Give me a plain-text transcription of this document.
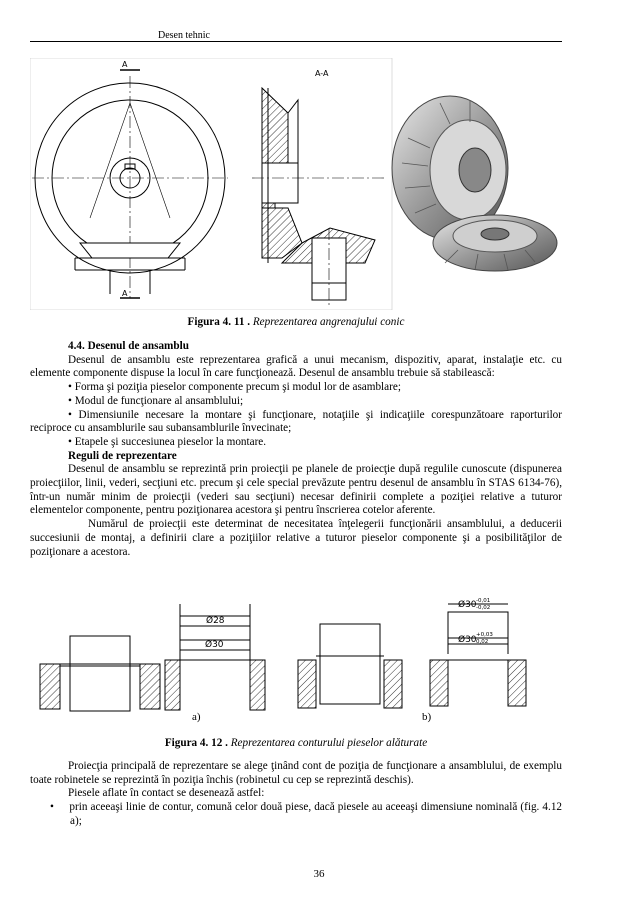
Desen tehnic
A
A
A-A
Figura 4. 11 . Reprezentarea angrenajului conic

4.4. Desenul de ansamblu

Desenul de ansamblu este reprezentarea grafică a unui mecanism, dispozitiv, aparat, instalaţie etc. cu elemente componente dispuse la locul în care funcţionează. Desenul de ansamblu trebuie să stabilească:

• Forma şi poziţia pieselor componente precum şi modul lor de asamblare;

• Modul de funcţionare al ansamblului;

• Dimensiunile necesare la montare şi funcţionare, notaţiile şi indicaţiile corespunzătoare raporturilor reciproce cu ansamblurile sau subansamblurile învecinate;

• Etapele şi succesiunea pieselor la montare.

Reguli de reprezentare

Desenul de ansamblu se reprezintă prin proiecţii pe planele de proiecţie după regulile cunoscute (dispunerea proiecţiilor, linii, vederi, secţiuni etc. precum şi cele special prevăzute pentru desenul de ansamblu în STAS 6134-76), într-un număr minim de proiecţii (vederi sau secţiuni) necesar definirii complete a poziţiei relative a tuturor elementelor componente, pentru poziţionarea acestora şi pentru înscrierea cotelor aferente.

Numărul de proiecţii este determinat de necesitatea înţelegerii funcţionării ansamblului, a deducerii succesiunii de montaj, a definirii clare a poziţiilor relative a tuturor pieselor componente şi a posibilităţilor de poziţionare a acestora.

Ø28
Ø30
Ø30 -0,01
-0,02
Ø30 +0,03
0,02
a)	b)
Figura 4. 12 . Reprezentarea conturului pieselor alăturate

Proiecţia principală de reprezentare se alege ţinând cont de poziţia de funcţionare a ansamblului, de exemplu toate robinetele se reprezintă în poziţia închis (robinetul cu cep se reprezintă deschis).

Piesele aflate în contact se desenează astfel:

•     prin aceeaşi linie de contur, comună celor două piese, dacă piesele au aceeaşi dimensiune nominală (fig. 4.12 a);

36
